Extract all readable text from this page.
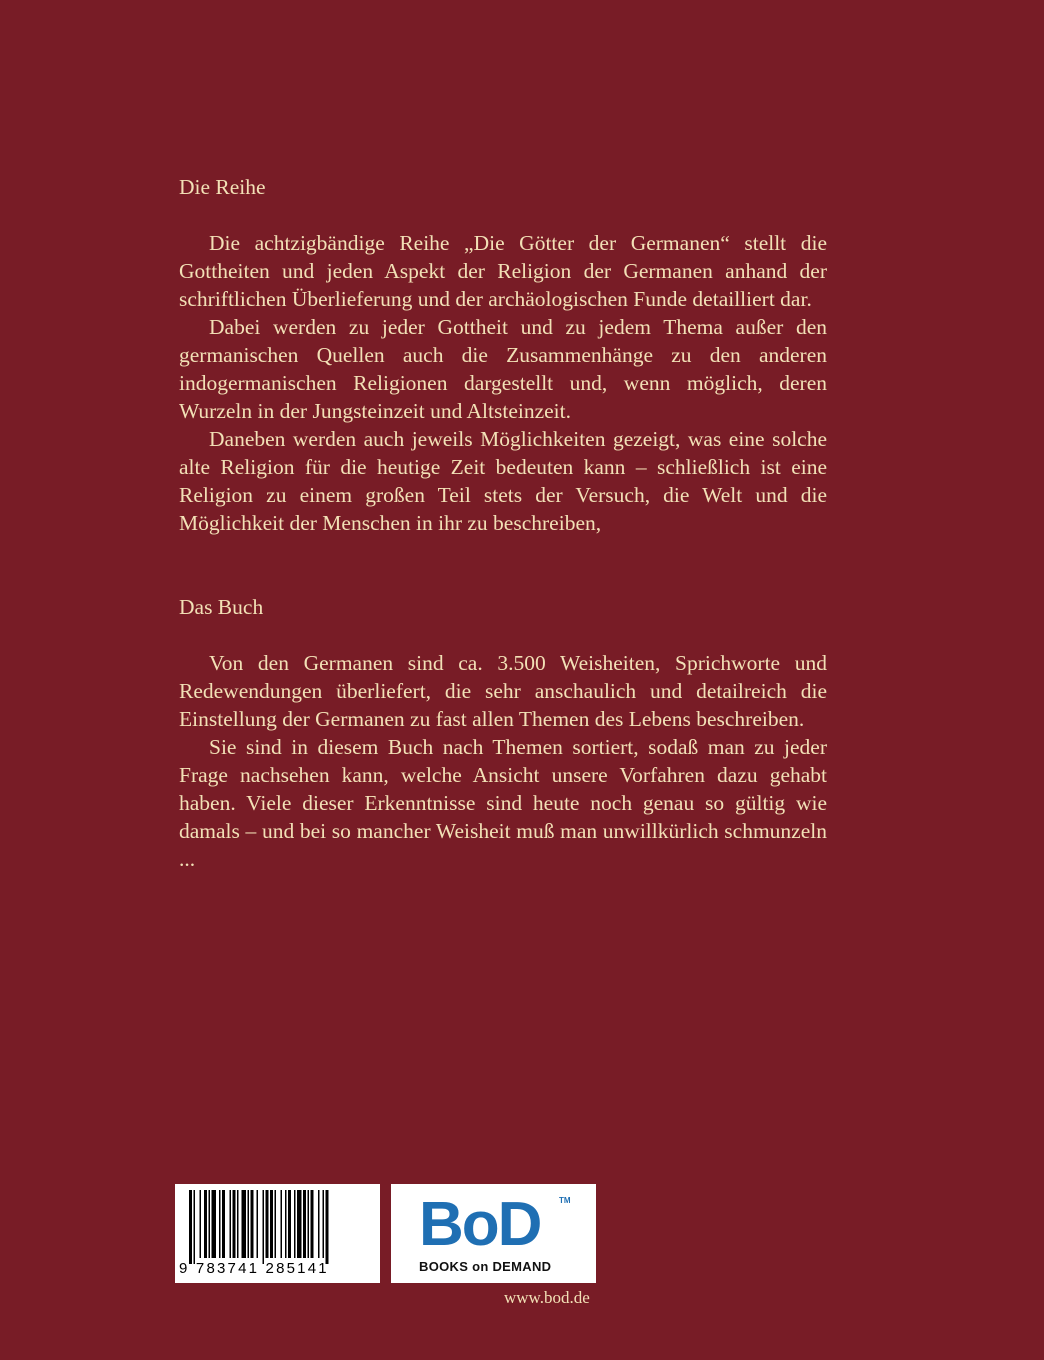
Die Reihe

Die achtzigbändige Reihe „Die Götter der Germanen“ stellt die Gottheiten und jeden Aspekt der Religion der Germanen anhand der schriftlichen Überlieferung und der archäologischen Funde detailliert dar.

Dabei werden zu jeder Gottheit und zu jedem Thema außer den germanischen Quellen auch die Zusammenhänge zu den anderen indogermanischen Religionen dargestellt und, wenn möglich, deren Wurzeln in der Jungsteinzeit und Altsteinzeit.

Daneben werden auch jeweils Möglichkeiten gezeigt, was eine solche alte Religion für die heutige Zeit bedeuten kann – schließlich ist eine Religion zu einem großen Teil stets der Versuch, die Welt und die Möglichkeit der Menschen in ihr zu beschreiben,

Das Buch

Von den Germanen sind ca. 3.500 Weisheiten, Sprichworte und Redewendungen überliefert, die sehr anschaulich und detailreich die Einstellung der Germanen zu fast allen Themen des Lebens beschreiben.

Sie sind in diesem Buch nach Themen sortiert, sodaß man zu jeder Frage nachsehen kann, welche Ansicht unsere Vorfahren dazu gehabt haben. Viele dieser Erkenntnisse sind heute noch genau so gültig wie damals – und bei so mancher Weisheit muß man unwillkürlich schmunzeln ...

9 783741 285141
BoD TM
BOOKS on DEMAND
www.bod.de
